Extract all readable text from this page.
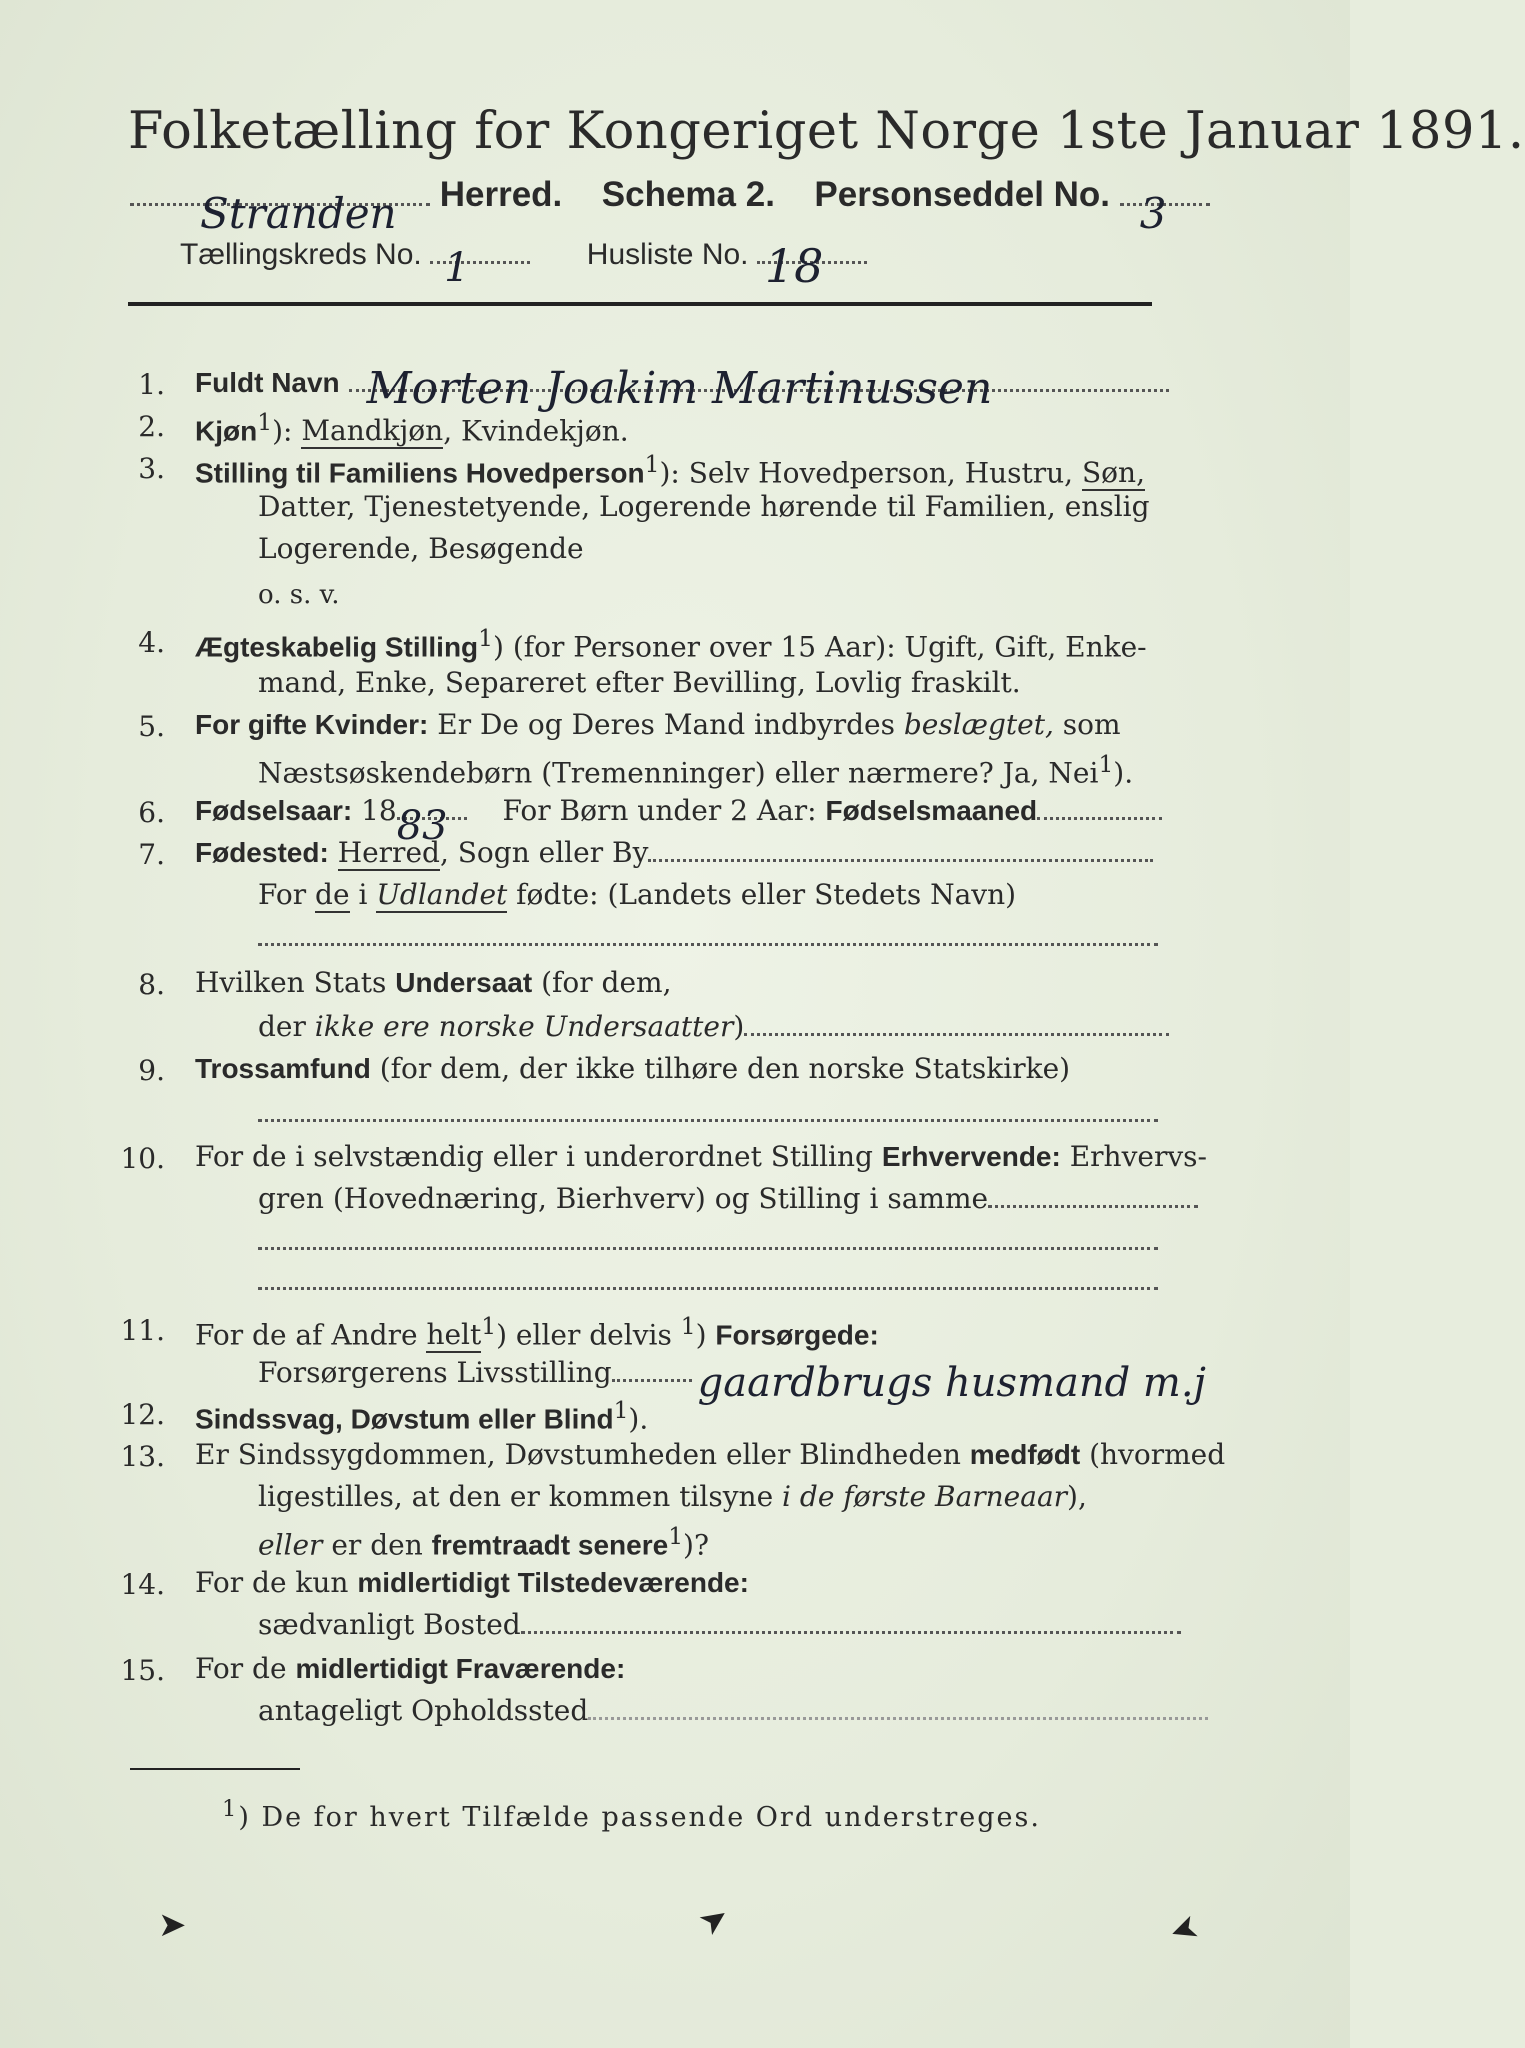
Folketælling for Kongeriget Norge 1ste Januar 1891.
Stranden Herred. Schema 2. Personseddel No. 3
Tællingskreds No. 1	Husliste No. 18
1. Fuldt Navn Morten Joakim Martinussen
2. Kjøn$^1$): Mandkjøn, Kvindekjøn.
3. Stilling til Familiens Hovedperson$^1$): Selv Hovedperson, Hustru, Søn,
Datter, Tjenestetyende, Logerende hørende til Familien, enslig
Logerende, Besøgende
o. s. v.
4. Ægteskabelig Stilling$^1$) (for Personer over 15 Aar): Ugift, Gift, Enke-
mand, Enke, Separeret efter Bevilling, Lovlig fraskilt.
5. For gifte Kvinder: Er De og Deres Mand indbyrdes beslægtet, som
Næstsøskendebørn (Tremenninger) eller nærmere? Ja, Nei$^1$).
6. Fødselsaar: 18 83 For Børn under 2 Aar: Fødselsmaaned
7. Fødested: Herred, Sogn eller By
For de i Udlandet fødte: (Landets eller Stedets Navn)
8. Hvilken Stats Undersaat (for dem,
der ikke ere norske Undersaatter)
9. Trossamfund (for dem, der ikke tilhøre den norske Statskirke)
10. For de i selvstændig eller i underordnet Stilling Erhvervende: Erhvervs-
gren (Hovednæring, Bierhverv) og Stilling i samme
11. For de af Andre helt$^1$) eller delvis $^1$) Forsørgede:
Forsørgerens Livsstilling gaardbrugs husmand m.j
12. Sindssvag, Døvstum eller Blind$^1$).
13. Er Sindssygdommen, Døvstumheden eller Blindheden medfødt (hvormed
ligestilles, at den er kommen tilsyne i de første Barneaar),
eller er den fremtraadt senere$^1$)?
14. For de kun midlertidigt Tilstedeværende:
sædvanligt Bosted
15. For de midlertidigt Fraværende:
antageligt Opholdssted
$^1$) De for hvert Tilfælde passende Ord understreges.
➤	➤	➤
